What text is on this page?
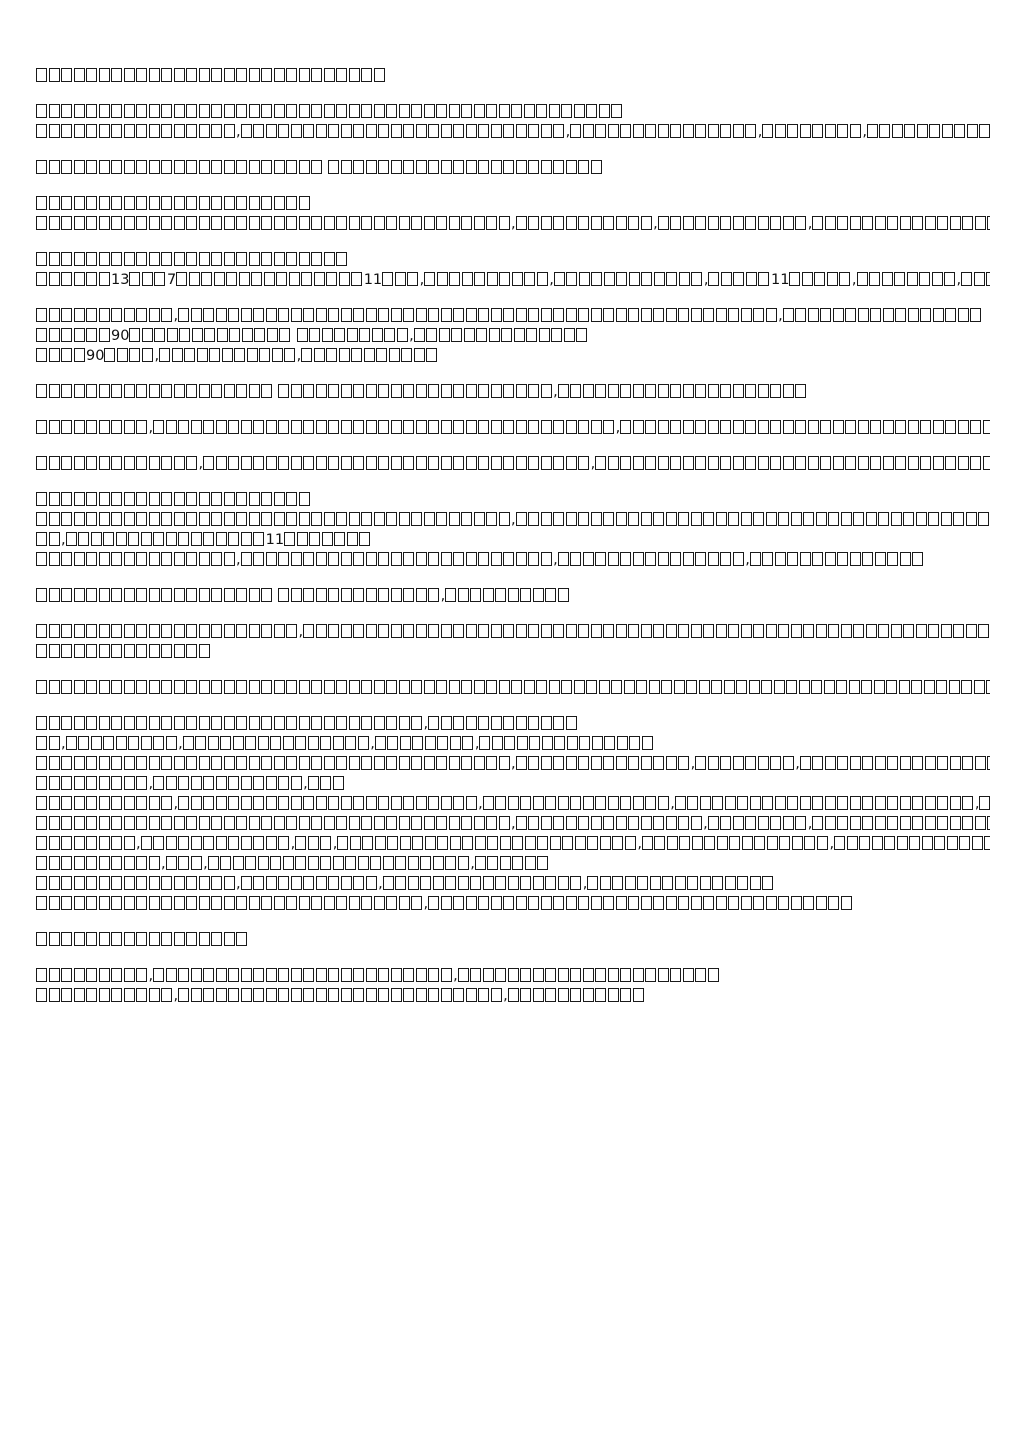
,	,	,	,

,	,	,
13	7	11	,	,	,	11	,	,
,	,
90	,
90	,	,
,
,	,
,	,
,
,	11
,	,	,
,
,
,
,	,	,	,
,	,	,
,	,
,	,	,	,
,	,	,
,	,	,	,	,
,	,	,
,	,	,
,
,	,
,	,
